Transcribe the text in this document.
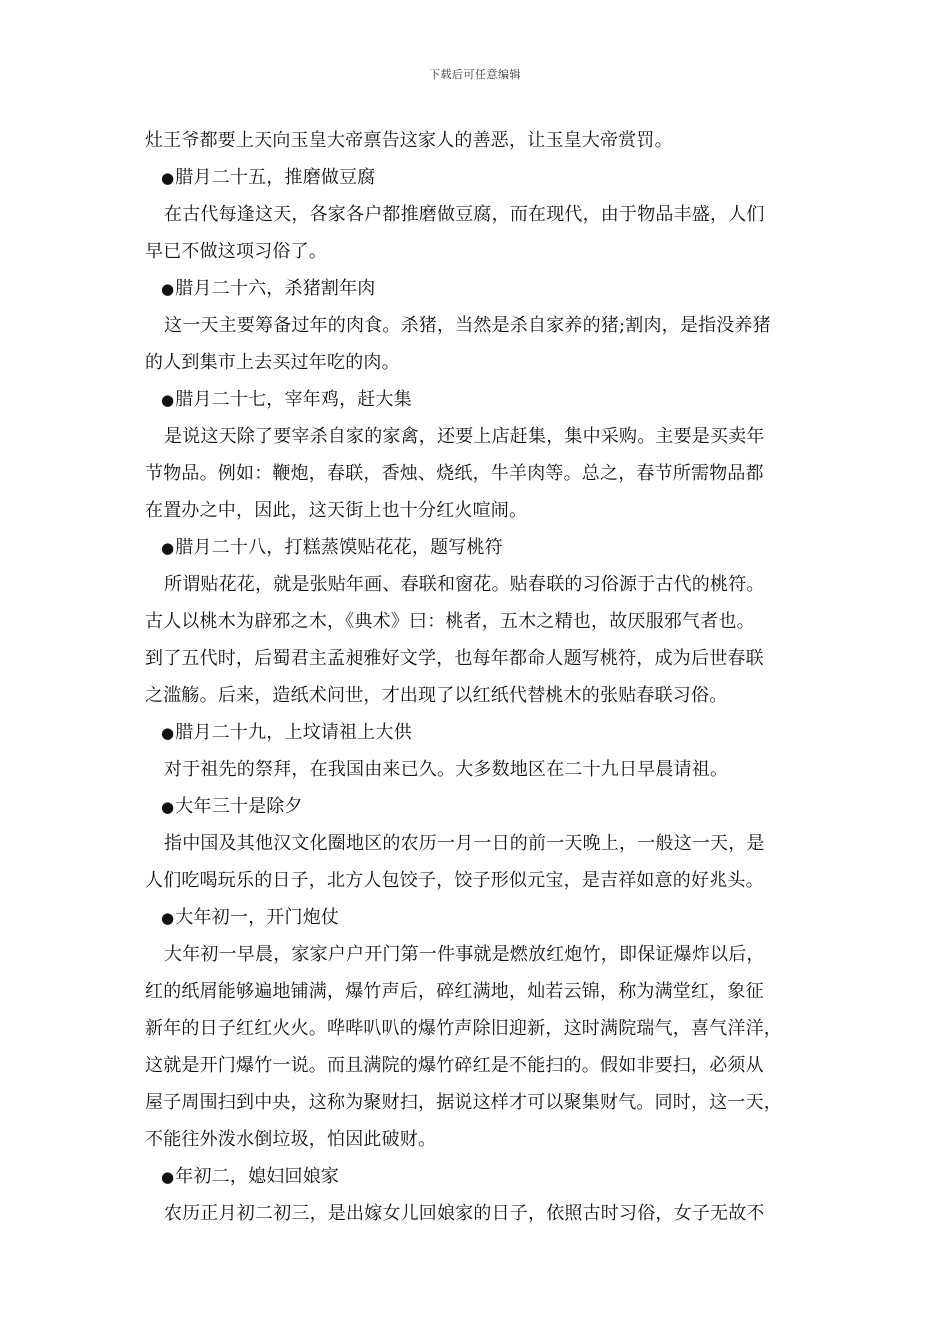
下载后可任意编辑
灶王爷都要上天向玉皇大帝禀告这家人的善恶，让玉皇大帝赏罚。
●腊月二十五，推磨做豆腐
在古代每逢这天，各家各户都推磨做豆腐，而在现代，由于物品丰盛，人们
早已不做这项习俗了。
●腊月二十六，杀猪割年肉
这一天主要筹备过年的肉食。杀猪，当然是杀自家养的猪;割肉，是指没养猪
的人到集市上去买过年吃的肉。
●腊月二十七，宰年鸡，赶大集
是说这天除了要宰杀自家的家禽，还要上店赶集，集中采购。主要是买卖年
节物品。例如：鞭炮，春联，香烛、烧纸，牛羊肉等。总之，春节所需物品都
在置办之中，因此，这天街上也十分红火喧闹。
●腊月二十八，打糕蒸馍贴花花，题写桃符
所谓贴花花，就是张贴年画、春联和窗花。贴春联的习俗源于古代的桃符。
古人以桃木为辟邪之木，《典术》曰：桃者，五木之精也，故厌服邪气者也。
到了五代时，后蜀君主孟昶雅好文学，也每年都命人题写桃符，成为后世春联
之滥觞。后来，造纸术问世，才出现了以红纸代替桃木的张贴春联习俗。
●腊月二十九，上坟请祖上大供
对于祖先的祭拜，在我国由来已久。大多数地区在二十九日早晨请祖。
●大年三十是除夕
指中国及其他汉文化圈地区的农历一月一日的前一天晚上，一般这一天，是
人们吃喝玩乐的日子，北方人包饺子，饺子形似元宝，是吉祥如意的好兆头。
●大年初一，开门炮仗
大年初一早晨，家家户户开门第一件事就是燃放红炮竹，即保证爆炸以后，
红的纸屑能够遍地铺满，爆竹声后，碎红满地，灿若云锦，称为满堂红，象征
新年的日子红红火火。哗哔叭叭的爆竹声除旧迎新，这时满院瑞气，喜气洋洋，
这就是开门爆竹一说。而且满院的爆竹碎红是不能扫的。假如非要扫，必须从
屋子周围扫到中央，这称为聚财扫，据说这样才可以聚集财气。同时，这一天，
不能往外泼水倒垃圾，怕因此破财。
●年初二，媳妇回娘家
农历正月初二初三，是出嫁女儿回娘家的日子，依照古时习俗，女子无故不
